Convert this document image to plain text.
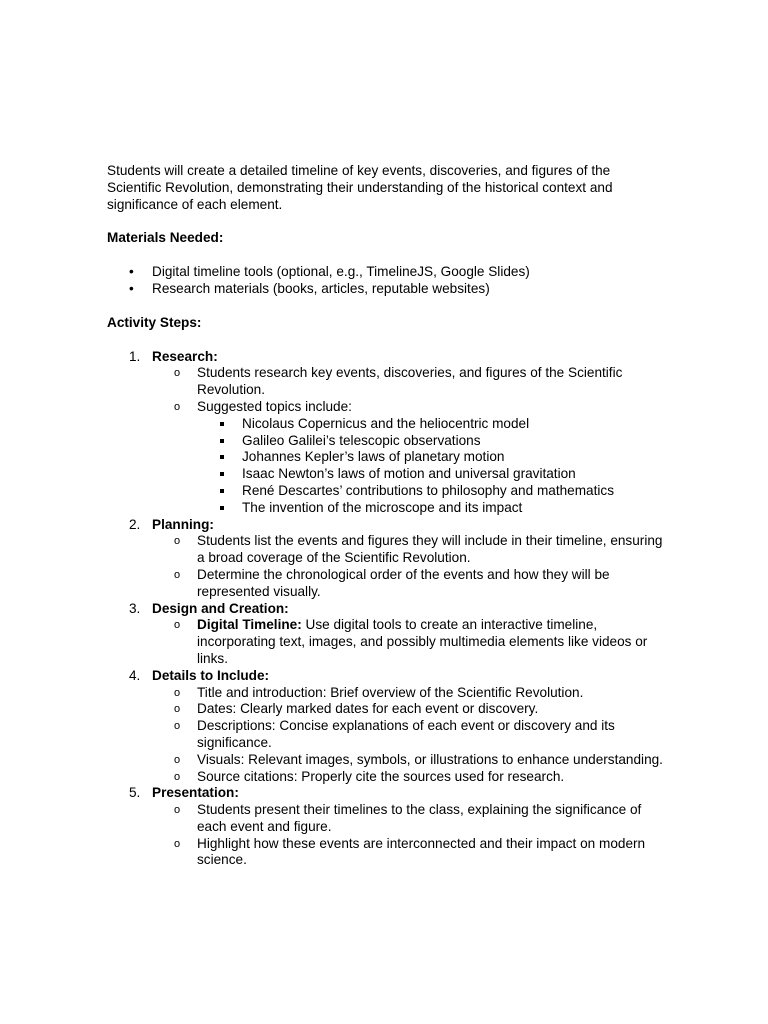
Students will create a detailed timeline of key events, discoveries, and figures of the Scientific Revolution, demonstrating their understanding of the historical context and significance of each element.

Materials Needed:

• Digital timeline tools (optional, e.g., TimelineJS, Google Slides)
• Research materials (books, articles, reputable websites)

Activity Steps:

1. Research:
o Students research key events, discoveries, and figures of the Scientific Revolution.
o Suggested topics include:
Nicolaus Copernicus and the heliocentric model
Galileo Galilei’s telescopic observations
Johannes Kepler’s laws of planetary motion
Isaac Newton’s laws of motion and universal gravitation
René Descartes’ contributions to philosophy and mathematics
The invention of the microscope and its impact
2. Planning:
o Students list the events and figures they will include in their timeline, ensuring a broad coverage of the Scientific Revolution.
o Determine the chronological order of the events and how they will be represented visually.
3. Design and Creation:
o Digital Timeline: Use digital tools to create an interactive timeline, incorporating text, images, and possibly multimedia elements like videos or links.
4. Details to Include:
o Title and introduction: Brief overview of the Scientific Revolution.
o Dates: Clearly marked dates for each event or discovery.
o Descriptions: Concise explanations of each event or discovery and its significance.
o Visuals: Relevant images, symbols, or illustrations to enhance understanding.
o Source citations: Properly cite the sources used for research.
5. Presentation:
o Students present their timelines to the class, explaining the significance of each event and figure.
o Highlight how these events are interconnected and their impact on modern science.
